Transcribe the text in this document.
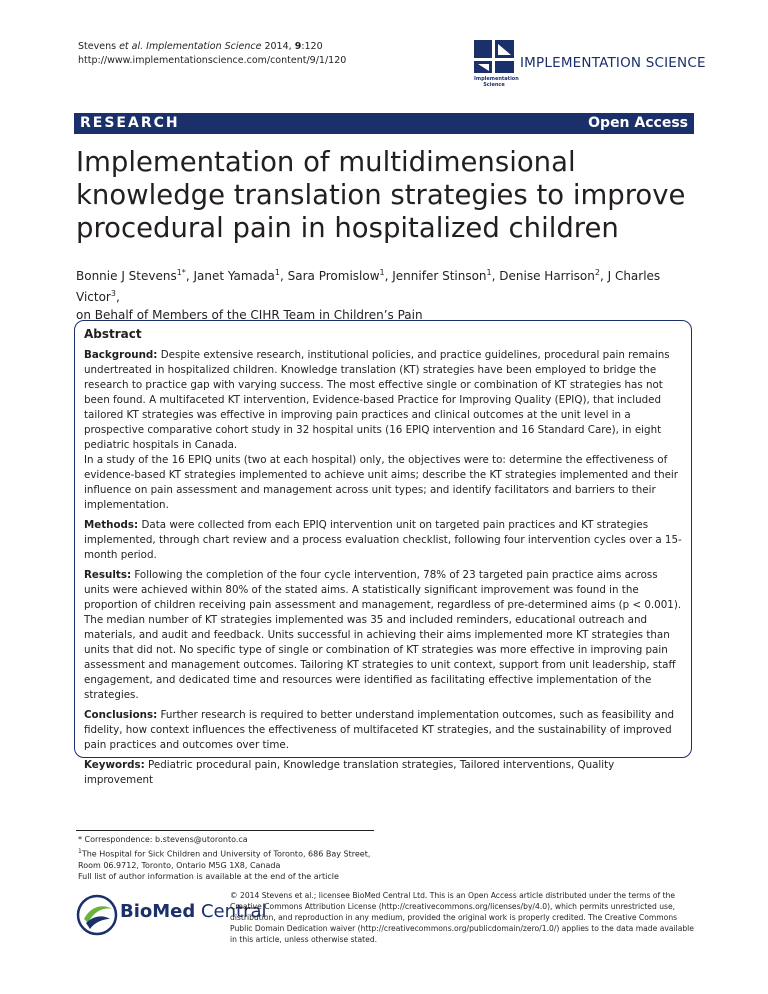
Stevens et al. Implementation Science 2014, 9:120
http://www.implementationscience.com/content/9/1/120
Implementation Science
IMPLEMENTATION SCIENCE
RESEARCH	Open Access
Implementation of multidimensional knowledge translation strategies to improve procedural pain in hospitalized children
Bonnie J Stevens$^{1*}$, Janet Yamada$^1$, Sara Promislow$^1$, Jennifer Stinson$^1$, Denise Harrison$^2$, J Charles Victor$^3$,
on Behalf of Members of the CIHR Team in Children’s Pain
Abstract

Background: Despite extensive research, institutional policies, and practice guidelines, procedural pain remains undertreated in hospitalized children. Knowledge translation (KT) strategies have been employed to bridge the research to practice gap with varying success. The most effective single or combination of KT strategies has not been found. A multifaceted KT intervention, Evidence-based Practice for Improving Quality (EPIQ), that included tailored KT strategies was effective in improving pain practices and clinical outcomes at the unit level in a prospective comparative cohort study in 32 hospital units (16 EPIQ intervention and 16 Standard Care), in eight pediatric hospitals in Canada.
In a study of the 16 EPIQ units (two at each hospital) only, the objectives were to: determine the effectiveness of evidence-based KT strategies implemented to achieve unit aims; describe the KT strategies implemented and their influence on pain assessment and management across unit types; and identify facilitators and barriers to their implementation.

Methods: Data were collected from each EPIQ intervention unit on targeted pain practices and KT strategies implemented, through chart review and a process evaluation checklist, following four intervention cycles over a 15-month period.

Results: Following the completion of the four cycle intervention, 78% of 23 targeted pain practice aims across units were achieved within 80% of the stated aims. A statistically significant improvement was found in the proportion of children receiving pain assessment and management, regardless of pre-determined aims (p < 0.001). The median number of KT strategies implemented was 35 and included reminders, educational outreach and materials, and audit and feedback. Units successful in achieving their aims implemented more KT strategies than units that did not. No specific type of single or combination of KT strategies was more effective in improving pain assessment and management outcomes. Tailoring KT strategies to unit context, support from unit leadership, staff engagement, and dedicated time and resources were identified as facilitating effective implementation of the strategies.

Conclusions: Further research is required to better understand implementation outcomes, such as feasibility and fidelity, how context influences the effectiveness of multifaceted KT strategies, and the sustainability of improved pain practices and outcomes over time.

Keywords: Pediatric procedural pain, Knowledge translation strategies, Tailored interventions, Quality improvement

* Correspondence: b.stevens@utoronto.ca
$^1$The Hospital for Sick Children and University of Toronto, 686 Bay Street, Room 06.9712, Toronto, Ontario M5G 1X8, Canada
Full list of author information is available at the end of the article
BioMed Central
© 2014 Stevens et al.; licensee BioMed Central Ltd. This is an Open Access article distributed under the terms of the Creative Commons Attribution License (http://creativecommons.org/licenses/by/4.0), which permits unrestricted use, distribution, and reproduction in any medium, provided the original work is properly credited. The Creative Commons Public Domain Dedication waiver (http://creativecommons.org/publicdomain/zero/1.0/) applies to the data made available in this article, unless otherwise stated.
